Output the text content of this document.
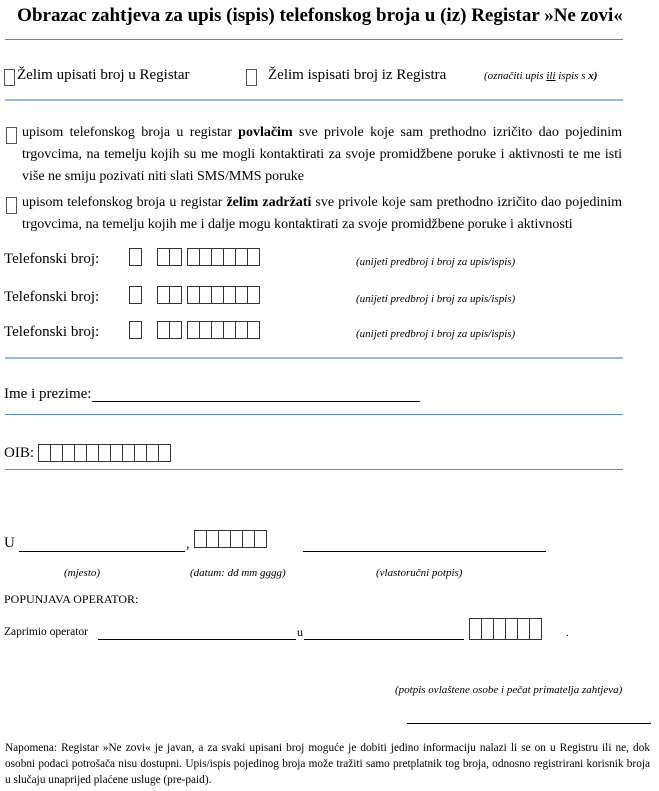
Obrazac zahtjeva za upis (ispis) telefonskog broja u (iz) Registar »Ne zovi«
Želim upisati broj u Registar	Želim ispisati broj iz Registra	(označiti upis ili ispis s x)
upisom telefonskog broja u registar povlačim sve privole koje sam prethodno izričito dao pojedinim trgovcima, na temelju kojih su me mogli kontaktirati za svoje promidžbene poruke i aktivnosti te me isti više ne smiju pozivati niti slati SMS/MMS poruke
upisom telefonskog broja u registar želim zadržati sve privole koje sam prethodno izričito dao pojedinim trgovcima, na temelju kojih me i dalje mogu kontaktirati za svoje promidžbene poruke i aktivnosti
Telefonski broj:	(unijeti predbroj i broj za upis/ispis)
Telefonski broj:	(unijeti predbroj i broj za upis/ispis)
Telefonski broj:	(unijeti predbroj i broj za upis/ispis)
Ime i prezime:
OIB:
U	,
(mjesto)	(datum: dd mm gggg)	(vlastoručni potpis)
POPUNJAVA OPERATOR:
Zaprimio operator	u	.
(potpis ovlaštene osobe i pečat primatelja zahtjeva)
Napomena: Registar »Ne zovi« je javan, a za svaki upisani broj moguće je dobiti jedino informaciju nalazi li se on u Registru ili ne, dok osobni podaci potrošača nisu dostupni. Upis/ispis pojedinog broja može tražiti samo pretplatnik tog broja, odnosno registrirani korisnik broja u slučaju unaprijed plaćene usluge (pre-paid).
